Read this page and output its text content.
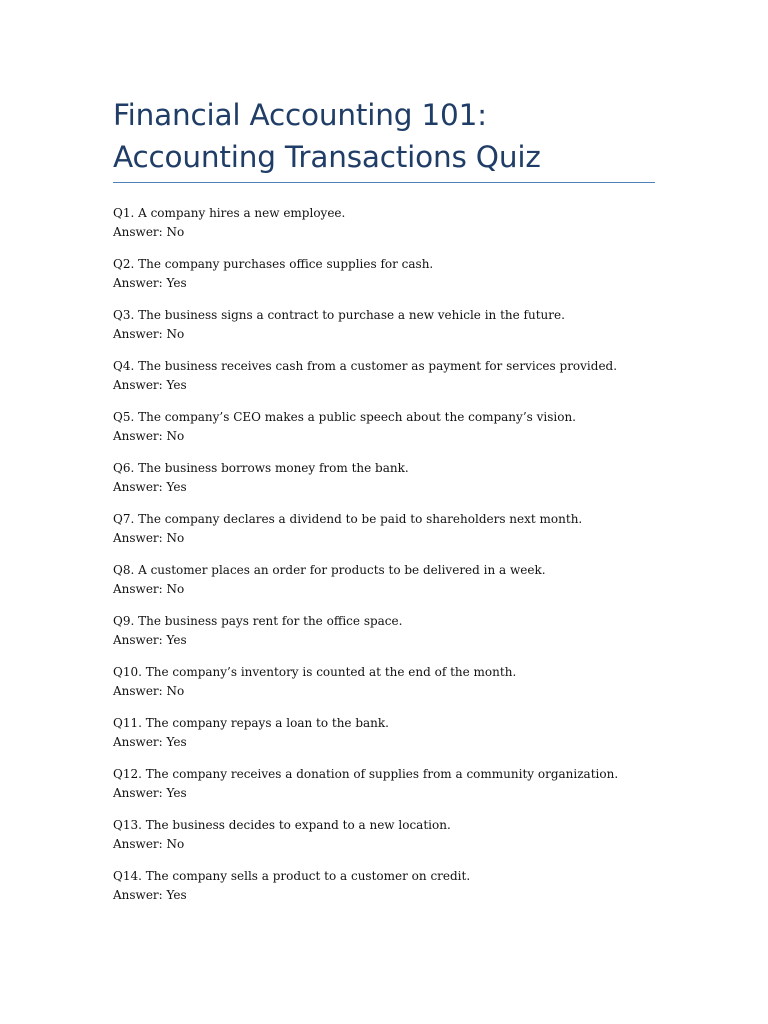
Financial Accounting 101: Accounting Transactions Quiz
Q1. A company hires a new employee.
Answer: No
Q2. The company purchases office supplies for cash.
Answer: Yes
Q3. The business signs a contract to purchase a new vehicle in the future.
Answer: No
Q4. The business receives cash from a customer as payment for services provided.
Answer: Yes
Q5. The company’s CEO makes a public speech about the company’s vision.
Answer: No
Q6. The business borrows money from the bank.
Answer: Yes
Q7. The company declares a dividend to be paid to shareholders next month.
Answer: No
Q8. A customer places an order for products to be delivered in a week.
Answer: No
Q9. The business pays rent for the office space.
Answer: Yes
Q10. The company’s inventory is counted at the end of the month.
Answer: No
Q11. The company repays a loan to the bank.
Answer: Yes
Q12. The company receives a donation of supplies from a community organization.
Answer: Yes
Q13. The business decides to expand to a new location.
Answer: No
Q14. The company sells a product to a customer on credit.
Answer: Yes
